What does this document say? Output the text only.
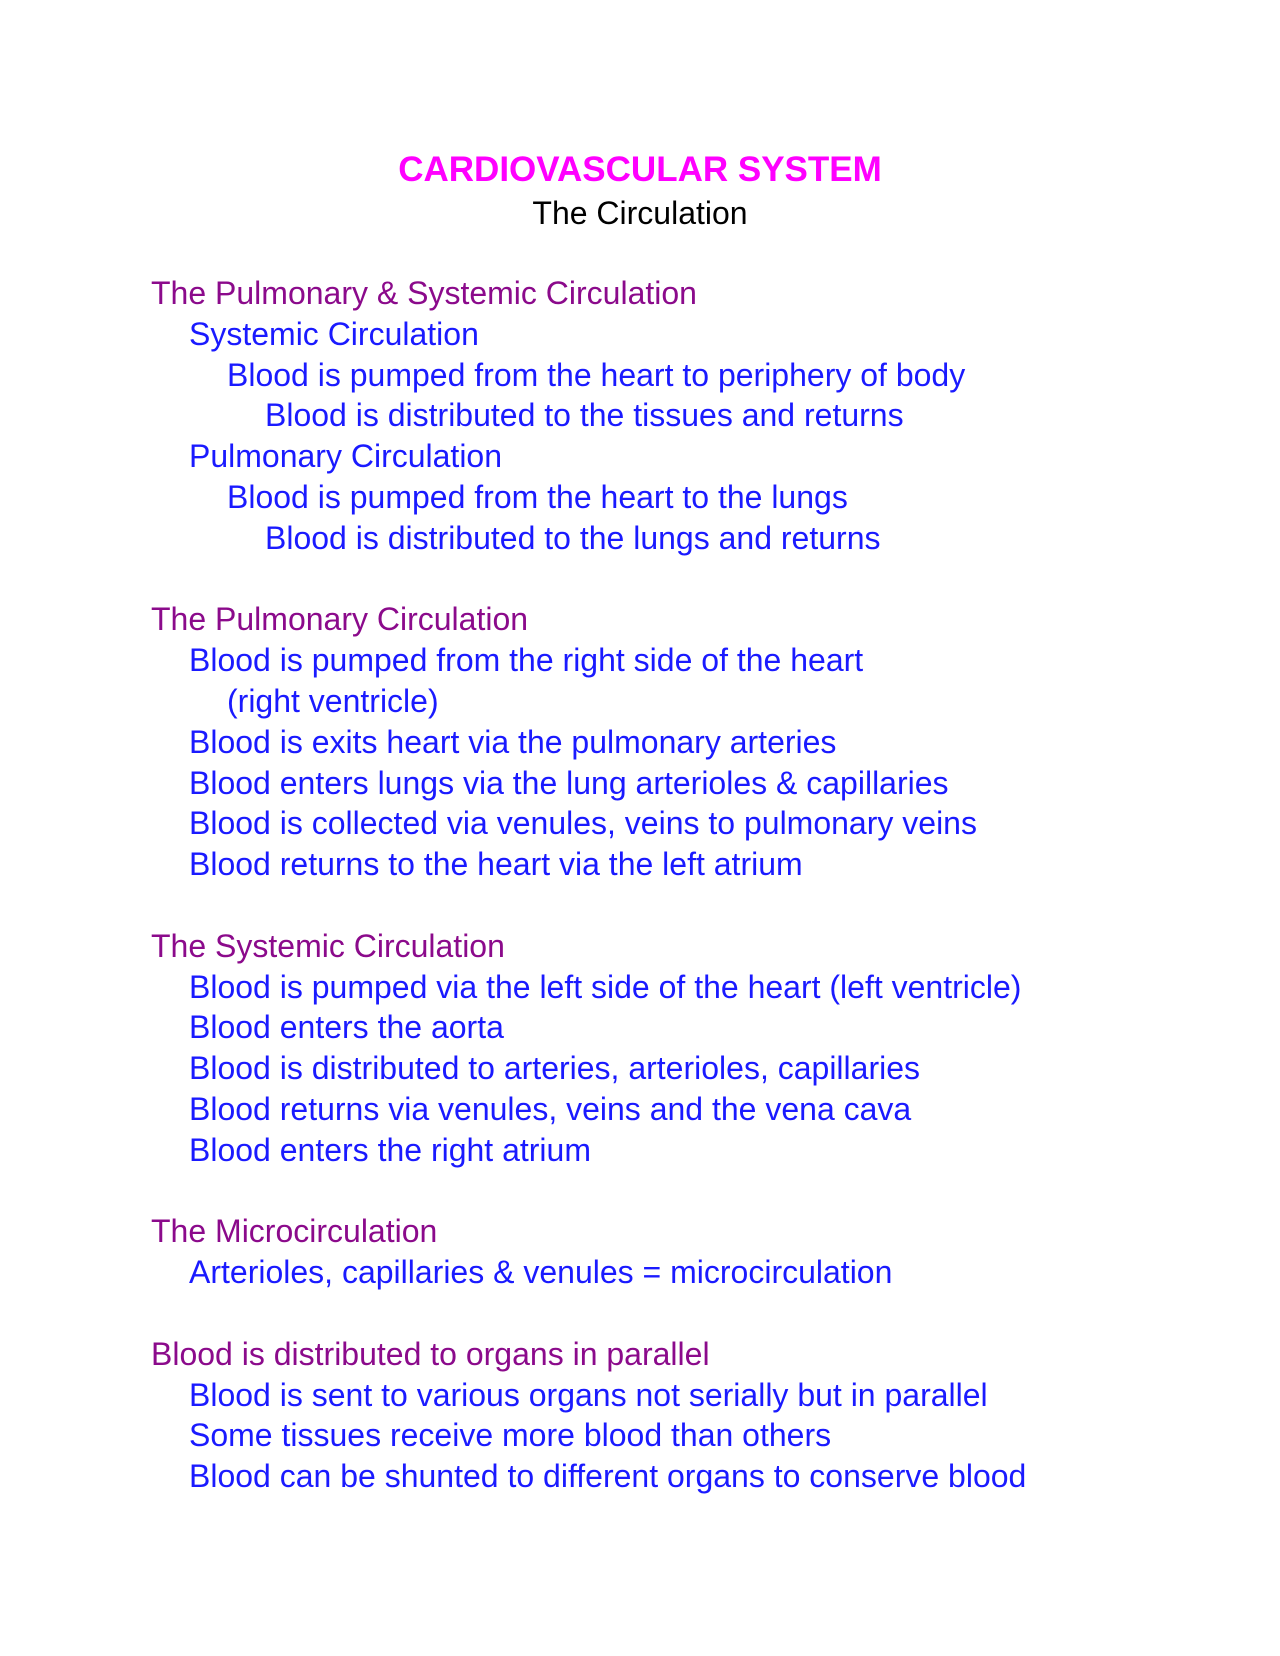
CARDIOVASCULAR SYSTEM
The Circulation
The Pulmonary & Systemic Circulation
Systemic Circulation
Blood is pumped from the heart to periphery of body
Blood is distributed to the tissues and returns
Pulmonary Circulation
Blood is pumped from the heart to the lungs
Blood is distributed to the lungs and returns
The Pulmonary Circulation
Blood is pumped from the right side of the heart
(right ventricle)
Blood is exits heart via the pulmonary arteries
Blood enters lungs via the lung arterioles & capillaries
Blood is collected via venules, veins to pulmonary veins
Blood returns to the heart via the left atrium
The Systemic Circulation
Blood is pumped via the left side of the heart (left ventricle)
Blood enters the aorta
Blood is distributed to arteries, arterioles, capillaries
Blood returns via venules, veins and the vena cava
Blood enters the right atrium
The Microcirculation
Arterioles, capillaries & venules = microcirculation
Blood is distributed to organs in parallel
Blood is sent to various organs not serially but in parallel
Some tissues receive more blood than others
Blood can be shunted to different organs to conserve blood
